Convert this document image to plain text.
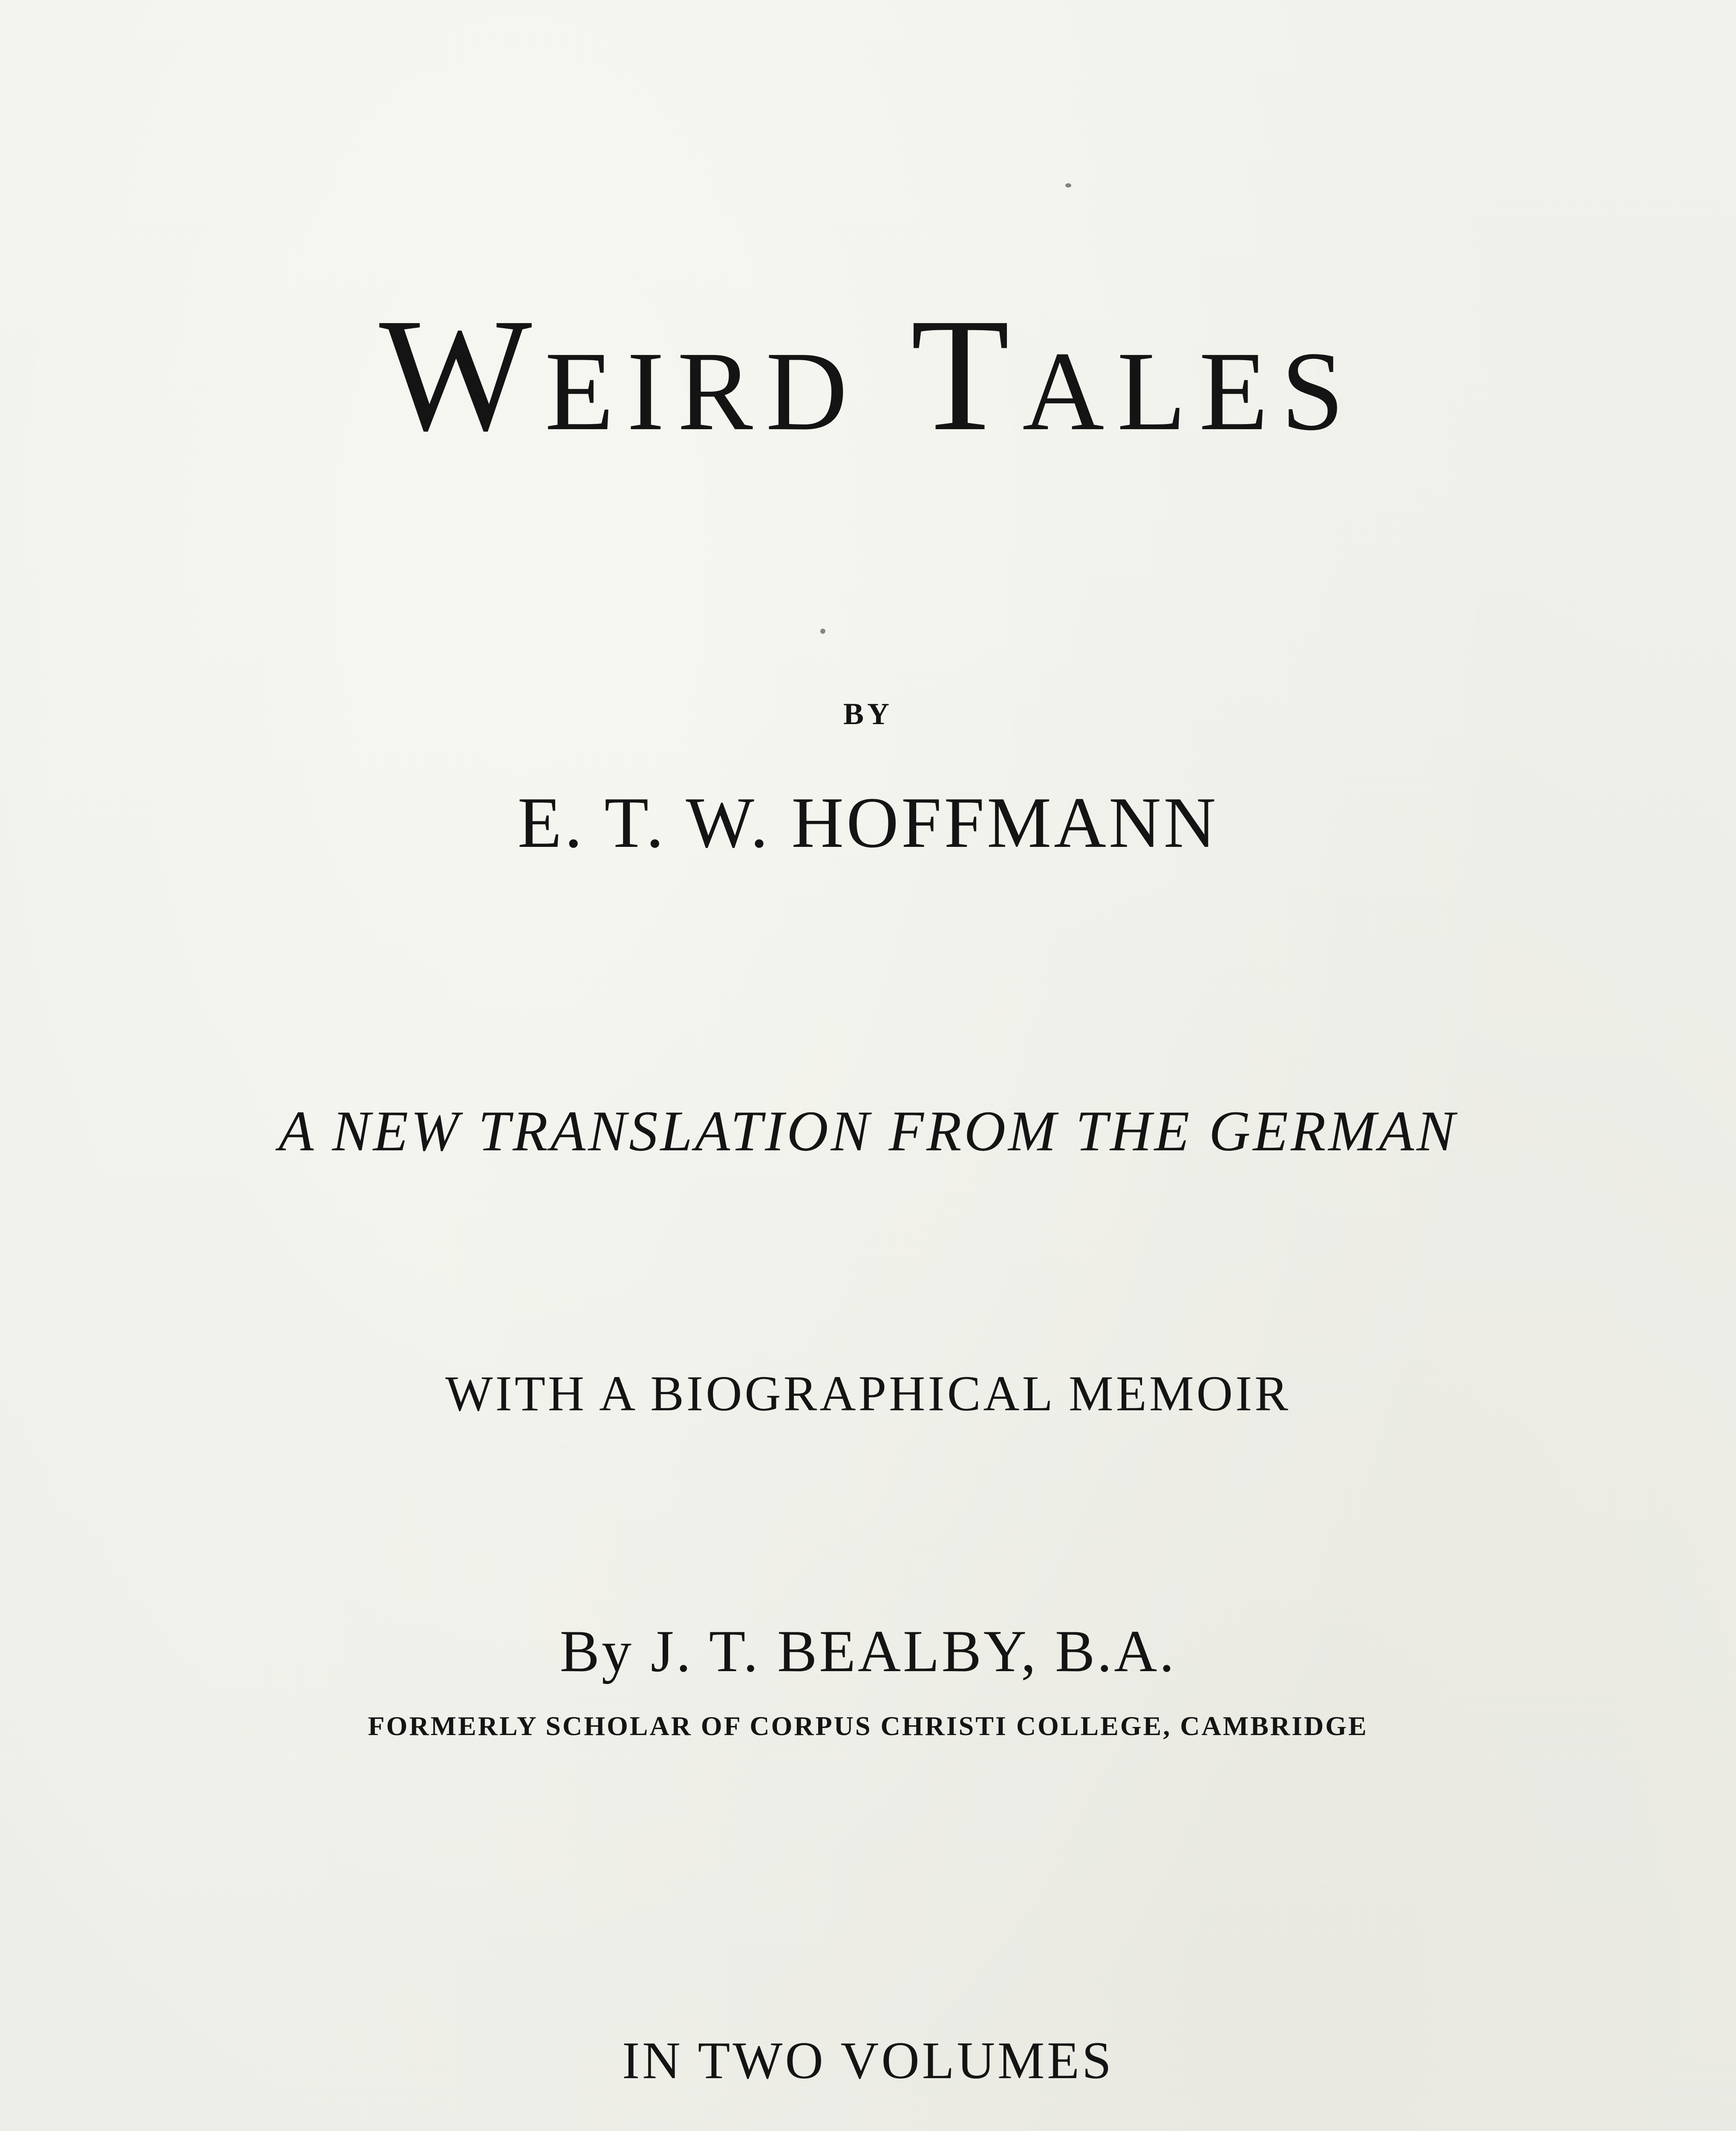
Weird Tales
BY
E. T. W. HOFFMANN
A NEW TRANSLATION FROM THE GERMAN
WITH A BIOGRAPHICAL MEMOIR
By J. T. BEALBY, B.A.
FORMERLY SCHOLAR OF CORPUS CHRISTI COLLEGE, CAMBRIDGE
IN TWO VOLUMES
